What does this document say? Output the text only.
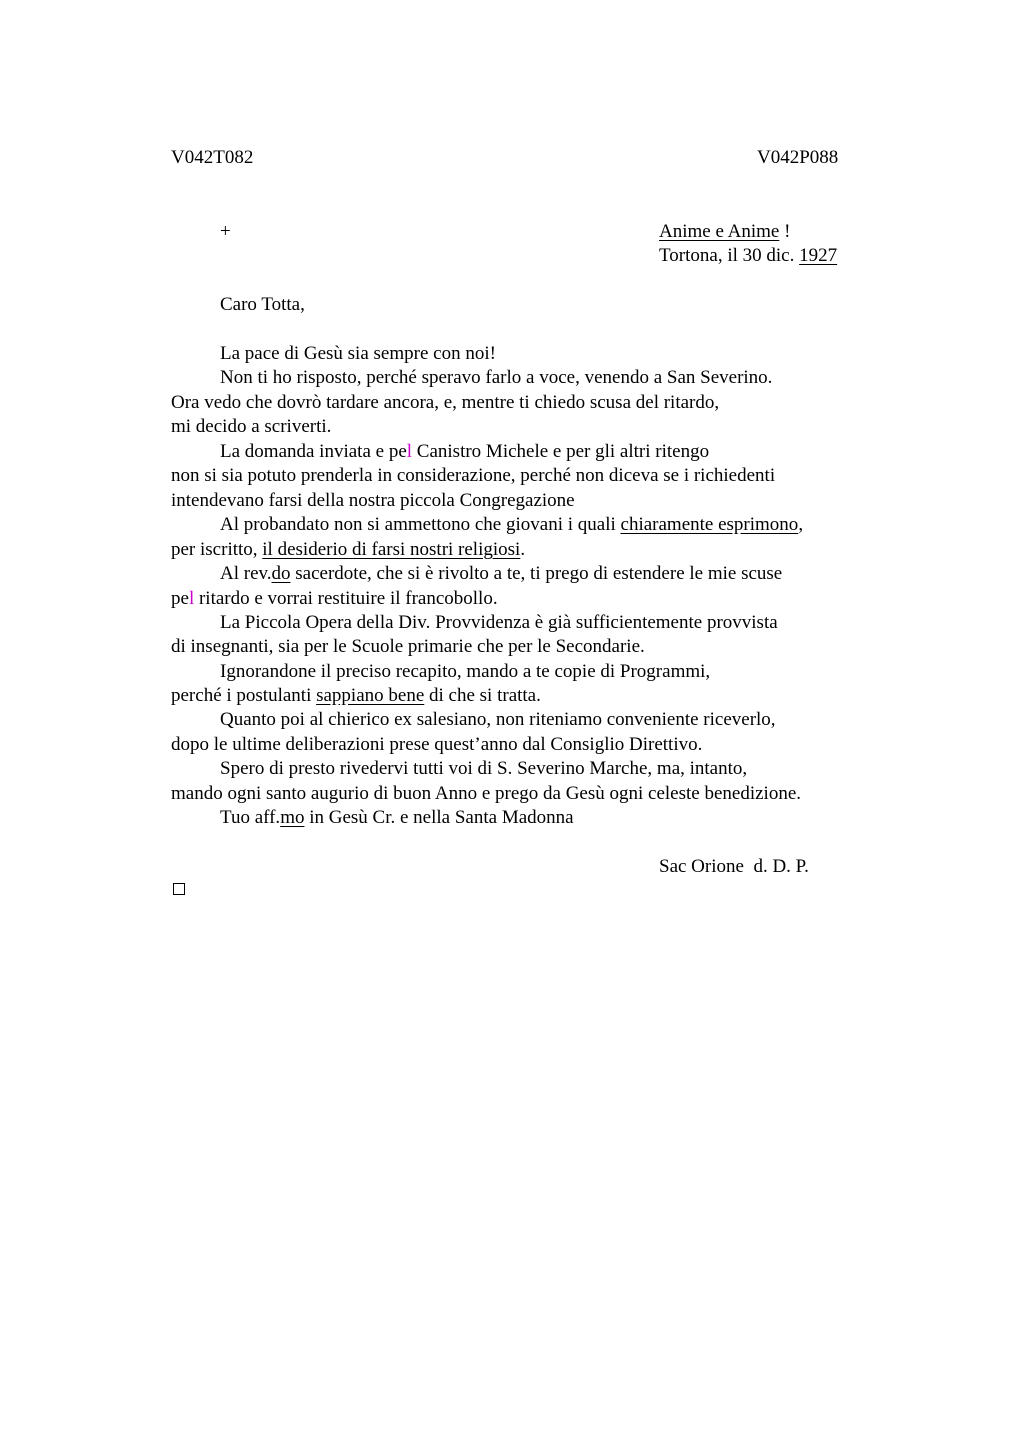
V042T082	V042P088
+	Anime e Anime !
Tortona, il 30 dic. 1927
Caro Totta,
La pace di Gesù sia sempre con noi!
Non ti ho risposto, perché speravo farlo a voce, venendo a San Severino.
Ora vedo che dovrò tardare ancora, e, mentre ti chiedo scusa del ritardo,
mi decido a scriverti.
La domanda inviata e pel Canistro Michele e per gli altri ritengo
non si sia potuto prenderla in considerazione, perché non diceva se i richiedenti
intendevano farsi della nostra piccola Congregazione
Al probandato non si ammettono che giovani i quali chiaramente esprimono,
per iscritto, il desiderio di farsi nostri religiosi.
Al rev.do sacerdote, che si è rivolto a te, ti prego di estendere le mie scuse
pel ritardo e vorrai restituire il francobollo.
La Piccola Opera della Div. Provvidenza è già sufficientemente provvista
di insegnanti, sia per le Scuole primarie che per le Secondarie.
Ignorandone il preciso recapito, mando a te copie di Programmi,
perché i postulanti sappiano bene di che si tratta.
Quanto poi al chierico ex salesiano, non riteniamo conveniente riceverlo,
dopo le ultime deliberazioni prese quest’anno dal Consiglio Direttivo.
Spero di presto rivedervi tutti voi di S. Severino Marche, ma, intanto,
mando ogni santo augurio di buon Anno e prego da Gesù ogni celeste benedizione.
Tuo aff.mo in Gesù Cr. e nella Santa Madonna
Sac Orione  d. D. P.
